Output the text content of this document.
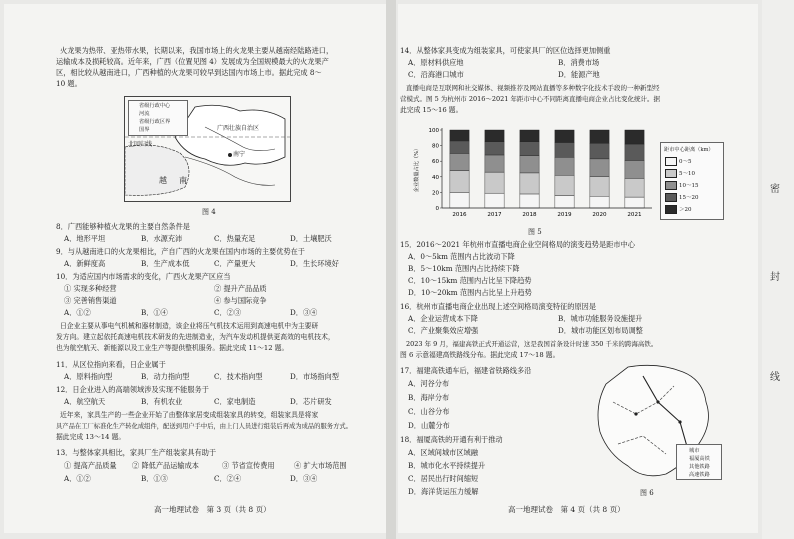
密
封
线
火龙果为热带、亚热带水果，长期以来，我国市场上的火龙果主要从越南经陆路进口，
运输成本及损耗较高。近年来，广西（位置见图 4）发展成为全国规模最大的火龙果产
区，相比较从越南进口，广西种植的火龙果可较早到达国内市场上市。据此完成 8～
10 题。
省级行政中心
河流
省级行政区界
国界	广西壮族自治区
北回归线
越 南
南宁
图 4
8．广西能够种植火龙果的主要自然条件是
A．地形平坦	B．水源充沛	C．热量充足	D．土壤肥沃
9．与从越南进口的火龙果相比，产自广西的火龙果在国内市场的主要优势在于
A．新鲜度高	B．生产成本低	C．产量更大	D．生长环境好
10．为适应国内市场需求的变化，广西火龙果产区应当
① 实现多种经营	② 提升产品品质
③ 完善销售渠道	④ 参与国际竞争
A．①②	B．①④	C．②③	D．③④
日企业主要从事电气机械和器材制造，该企业将压气机技术运用到高速电机中为主要研
发方向。建立起依托高速电机技术研发的先进制造业，为汽车发动机提供更高效的电机技术，
也为航空航天、新能源以及工业生产等提供整机服务。据此完成 11～12 题。
11．从区位指向来看，日企业属于
A．原料指向型	B．动力指向型	C．技术指向型	D．市场指向型
12．日企业进入的高端领域涉及实现不能服务于
A．航空航天	B．有机农业	C．家电制造	D．芯片研发
近年来，家具生产的一些企业开始了由整体家居变成组装家具的转变，组装家具是将家
具产品在工厂标准化生产转化成组件，配送到用户手中后，由上门人员进行组装后再成为成品的服务方式。
据此完成 13～14 题。
13．与整体家具相比，家具厂生产组装家具有助于
① 提高产品质量 ② 降低产品运输成本	③ 节省宣传费用	④ 扩大市场范围
A．①②	B．①③	C．②④	D．③④
高一地理试卷　第 3 页（共 8 页）
14．从整体家具变成为组装家具，可使家具厂的区位选择更加侧重
A．原材料供应地	B．消费市场
C．沿海港口城市	D．能源产地
直播电商是互联网和社交媒体、视频推荐及网站直播等多种数字化技术手段的一种新型经
营模式。图 5 为杭州市 2016～2021 年距市中心不同距离直播电商企业占比变化统计。据
此完成 15～16 题。
0
20
40
60
80
100
企业数量占比（%）
2016	2017	2018	2019	2020	2021
距市中心距离（km）
＞20
15～20
10～15
5～10
0～5
图 5
15．2016～2021 年杭州市直播电商企业空间格局的演变趋势是距市中心
A．0～5km 范围内占比波动下降
B．5～10km 范围内占比持续下降
C．10～15km 范围内占比呈下降趋势
D．10～20km 范围内占比呈上升趋势
16．杭州市直播电商企业出现上述空间格局演变特征的原因是
A．企业运营成本下降	B．城市功能服务设施提升
C．产业聚集效应增强	D．城市功能区划布局调整
2023 年 9 月，福建高铁正式开通运营，这是我国首条设计时速 350 千米的跨海高铁。
图 6 示意福建高铁路线分布。据此完成 17～18 题。
17．福建高铁通车后，福建省铁路线多沿
A．河谷分布
B．海岸分布
C．山谷分布
D．山麓分布
18．福厦高铁的开通有利于推动
A．区域间城市区域融
B．城市化水平持续提升
C．居民出行时间缩短
D．海洋货运压力缓解
城市
福厦高铁
其他铁路
高速铁路
图 6
高一地理试卷　第 4 页（共 8 页）
